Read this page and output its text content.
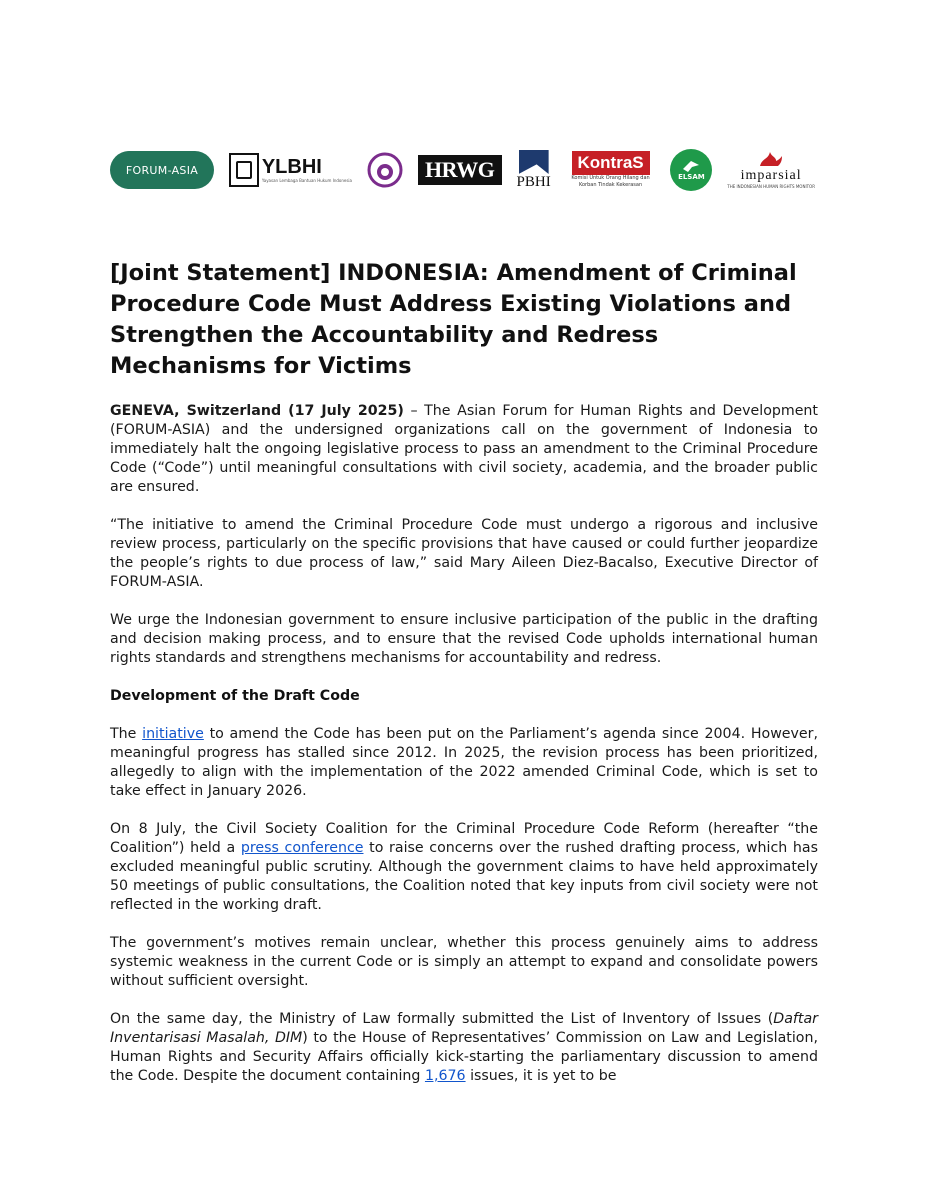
FORUM-ASIA	YLBHI
Yayasan Lembaga Bantuan Hukum Indonesia	HRWG PBHI
KontraS
Komisi Untuk Orang Hilang dan Korban Tindak Kekerasan
ELSAM	imparsial
THE INDONESIAN HUMAN RIGHTS MONITOR
[Joint Statement] INDONESIA: Amendment of Criminal Procedure Code Must Address Existing Violations and Strengthen the Accountability and Redress Mechanisms for Victims

GENEVA, Switzerland (17 July 2025) – The Asian Forum for Human Rights and Development (FORUM-ASIA) and the undersigned organizations call on the government of Indonesia to immediately halt the ongoing legislative process to pass an amendment to the Criminal Procedure Code (“Code”) until meaningful consultations with civil society, academia, and the broader public are ensured.

“The initiative to amend the Criminal Procedure Code must undergo a rigorous and inclusive review process, particularly on the specific provisions that have caused or could further jeopardize the people’s rights to due process of law,” said Mary Aileen Diez-Bacalso, Executive Director of FORUM-ASIA.

We urge the Indonesian government to ensure inclusive participation of the public in the drafting and decision making process, and to ensure that the revised Code upholds international human rights standards and strengthens mechanisms for accountability and redress.

Development of the Draft Code

The initiative to amend the Code has been put on the Parliament’s agenda since 2004. However, meaningful progress has stalled since 2012. In 2025, the revision process has been prioritized, allegedly to align with the implementation of the 2022 amended Criminal Code, which is set to take effect in January 2026.

On 8 July, the Civil Society Coalition for the Criminal Procedure Code Reform (hereafter “the Coalition”) held a press conference to raise concerns over the rushed drafting process, which has excluded meaningful public scrutiny. Although the government claims to have held approximately 50 meetings of public consultations, the Coalition noted that key inputs from civil society were not reflected in the working draft.

The government’s motives remain unclear, whether this process genuinely aims to address systemic weakness in the current Code or is simply an attempt to expand and consolidate powers without sufficient oversight.

On the same day, the Ministry of Law formally submitted the List of Inventory of Issues (Daftar Inventarisasi Masalah, DIM) to the House of Representatives’ Commission on Law and Legislation, Human Rights and Security Affairs officially kick-starting the parliamentary discussion to amend the Code. Despite the document containing 1,676 issues, it is yet to be
